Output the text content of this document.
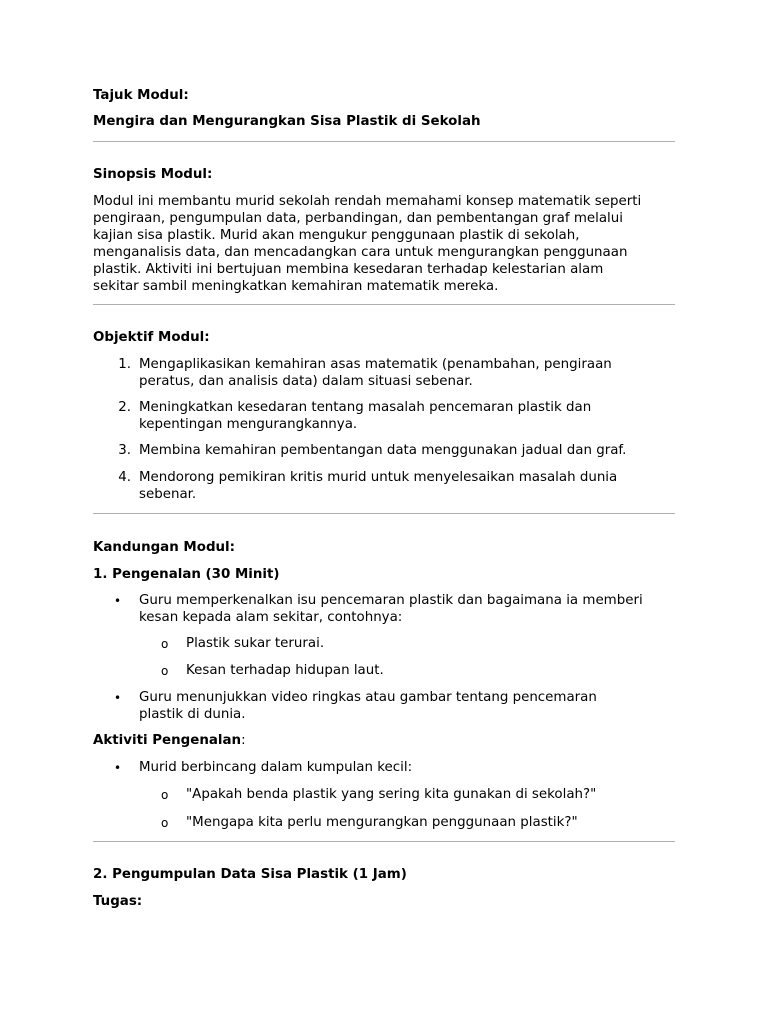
Tajuk Modul:
Mengira dan Mengurangkan Sisa Plastik di Sekolah
Sinopsis Modul:
Modul ini membantu murid sekolah rendah memahami konsep matematik seperti
pengiraan, pengumpulan data, perbandingan, dan pembentangan graf melalui
kajian sisa plastik. Murid akan mengukur penggunaan plastik di sekolah,
menganalisis data, dan mencadangkan cara untuk mengurangkan penggunaan
plastik. Aktiviti ini bertujuan membina kesedaran terhadap kelestarian alam
sekitar sambil meningkatkan kemahiran matematik mereka.
Objektif Modul:
1. Mengaplikasikan kemahiran asas matematik (penambahan, pengiraan
peratus, dan analisis data) dalam situasi sebenar.
2. Meningkatkan kesedaran tentang masalah pencemaran plastik dan
kepentingan mengurangkannya.
3. Membina kemahiran pembentangan data menggunakan jadual dan graf.
4. Mendorong pemikiran kritis murid untuk menyelesaikan masalah dunia
sebenar.
Kandungan Modul:
1. Pengenalan (30 Minit)
• Guru memperkenalkan isu pencemaran plastik dan bagaimana ia memberi
kesan kepada alam sekitar, contohnya:
o Plastik sukar terurai.
o Kesan terhadap hidupan laut.
• Guru menunjukkan video ringkas atau gambar tentang pencemaran
plastik di dunia.
Aktiviti Pengenalan:
• Murid berbincang dalam kumpulan kecil:
o "Apakah benda plastik yang sering kita gunakan di sekolah?"
o "Mengapa kita perlu mengurangkan penggunaan plastik?"
2. Pengumpulan Data Sisa Plastik (1 Jam)
Tugas:
